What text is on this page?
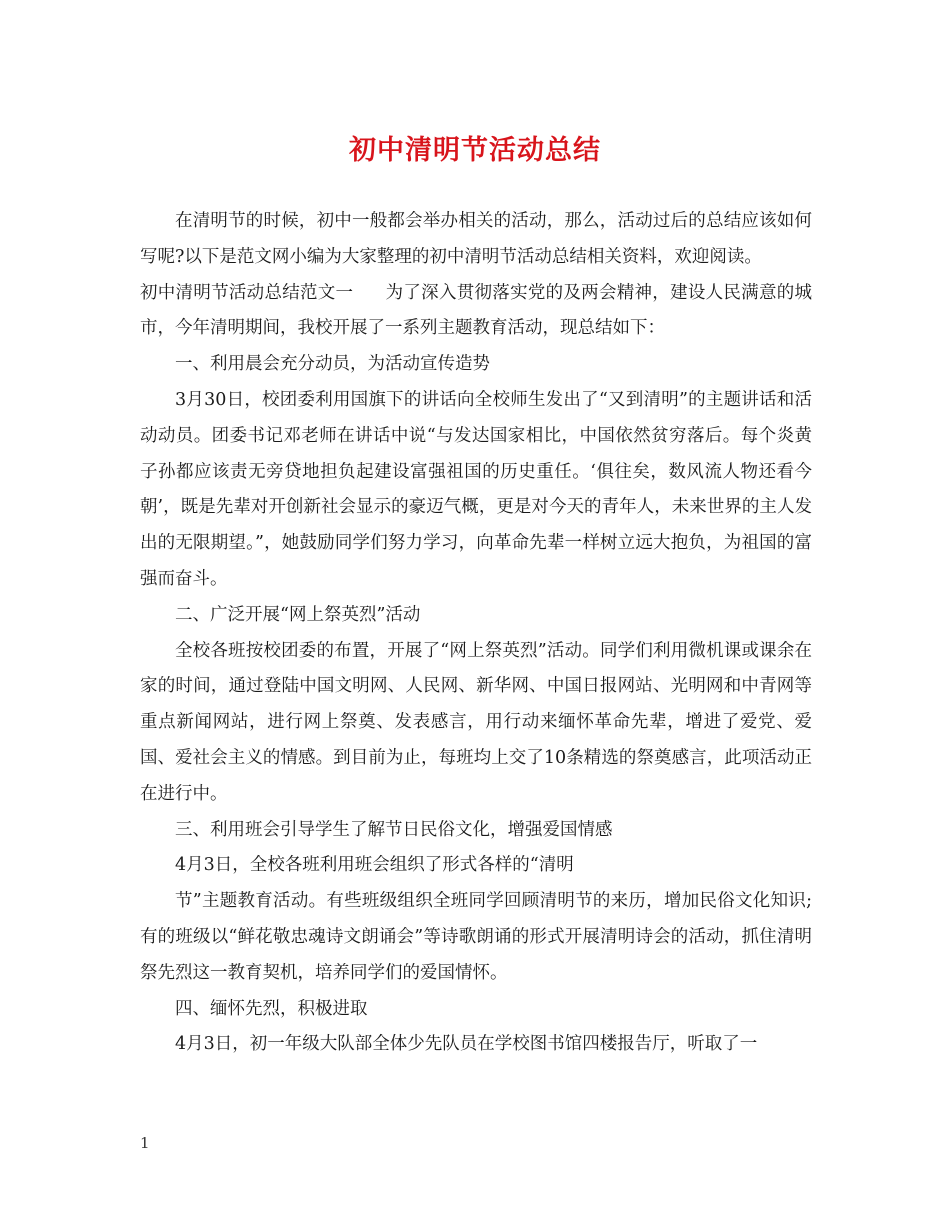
初中清明节活动总结

在清明节的时候，初中一般都会举办相关的活动，那么，活动过后的总结应该如何写呢?以下是范文网小编为大家整理的初中清明节活动总结相关资料，欢迎阅读。

初中清明节活动总结范文一 为了深入贯彻落实党的及两会精神，建设人民满意的城市，今年清明期间，我校开展了一系列主题教育活动，现总结如下：

一、利用晨会充分动员，为活动宣传造势

3月30日，校团委利用国旗下的讲话向全校师生发出了“又到清明”的主题讲话和活动动员。团委书记邓老师在讲话中说“与发达国家相比，中国依然贫穷落后。每个炎黄子孙都应该责无旁贷地担负起建设富强祖国的历史重任。‘俱往矣，数风流人物还看今朝’，既是先辈对开创新社会显示的豪迈气概，更是对今天的青年人，未来世界的主人发出的无限期望。”，她鼓励同学们努力学习，向革命先辈一样树立远大抱负，为祖国的富强而奋斗。

二、广泛开展“网上祭英烈”活动

全校各班按校团委的布置，开展了“网上祭英烈”活动。同学们利用微机课或课余在家的时间，通过登陆中国文明网、人民网、新华网、中国日报网站、光明网和中青网等重点新闻网站，进行网上祭奠、发表感言，用行动来缅怀革命先辈，增进了爱党、爱国、爱社会主义的情感。到目前为止，每班均上交了10条精选的祭奠感言，此项活动正在进行中。

三、利用班会引导学生了解节日民俗文化，增强爱国情感

4月3日，全校各班利用班会组织了形式各样的“清明

节”主题教育活动。有些班级组织全班同学回顾清明节的来历，增加民俗文化知识;有的班级以“鲜花敬忠魂诗文朗诵会”等诗歌朗诵的形式开展清明诗会的活动，抓住清明祭先烈这一教育契机，培养同学们的爱国情怀。

四、缅怀先烈，积极进取

4月3日，初一年级大队部全体少先队员在学校图书馆四楼报告厅，听取了一

1
